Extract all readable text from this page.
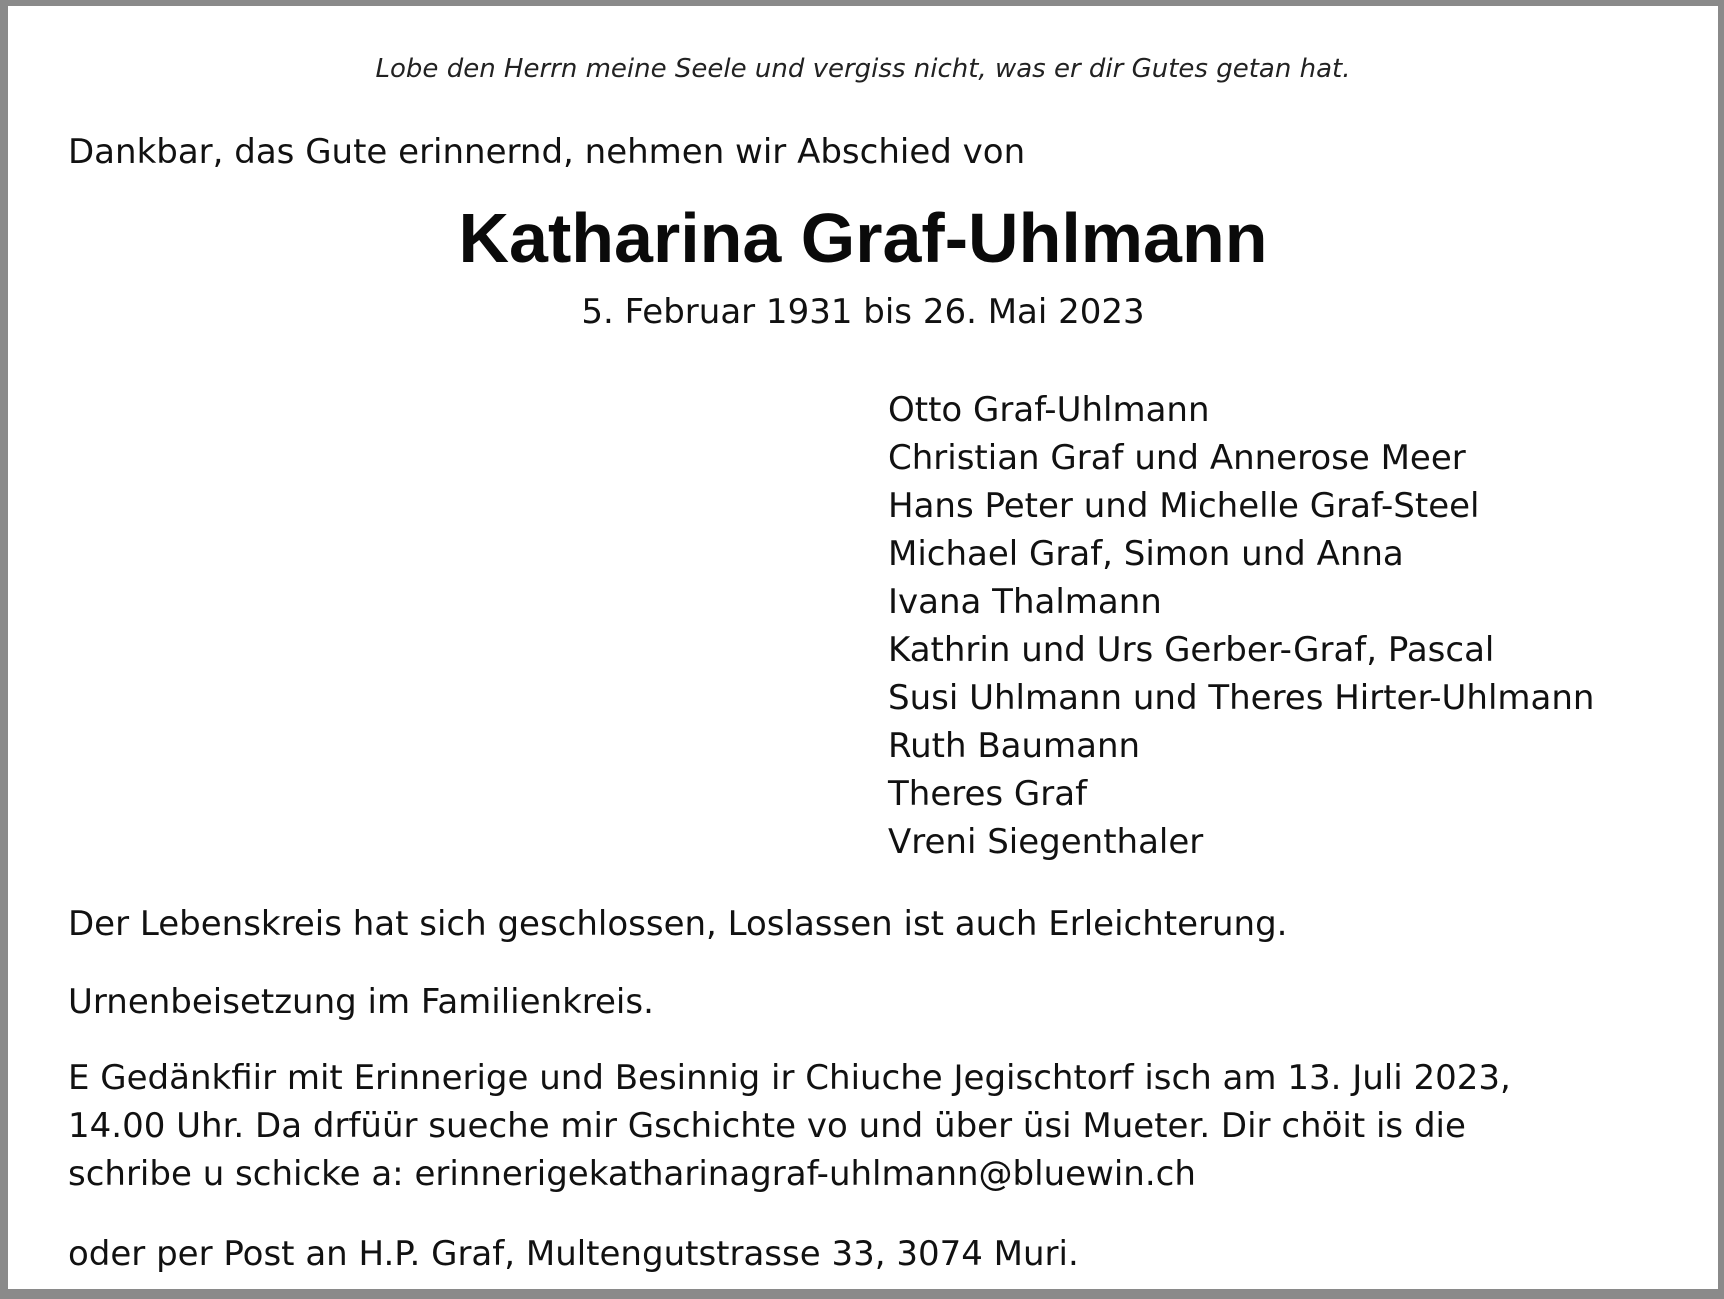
Lobe den Herrn meine Seele und vergiss nicht, was er dir Gutes getan hat.

Dankbar, das Gute erinnernd, nehmen wir Abschied von

Katharina Graf-Uhlmann

5. Februar 1931 bis 26. Mai 2023

Otto Graf-Uhlmann
Christian Graf und Annerose Meer
Hans Peter und Michelle Graf-Steel
Michael Graf, Simon und Anna
Ivana Thalmann
Kathrin und Urs Gerber-Graf, Pascal
Susi Uhlmann und Theres Hirter-Uhlmann
Ruth Baumann
Theres Graf
Vreni Siegenthaler

Der Lebenskreis hat sich geschlossen, Loslassen ist auch Erleichterung.

Urnenbeisetzung im Familienkreis.

E Gedänkfiir mit Erinnerige und Besinnig ir Chiuche Jegischtorf isch am 13. Juli 2023,
14.00 Uhr. Da drfüür sueche mir Gschichte vo und über üsi Mueter. Dir chöit is die
schribe u schicke a: erinnerigekatharinagraf-uhlmann@bluewin.ch

oder per Post an H.P. Graf, Multengutstrasse 33, 3074 Muri.
